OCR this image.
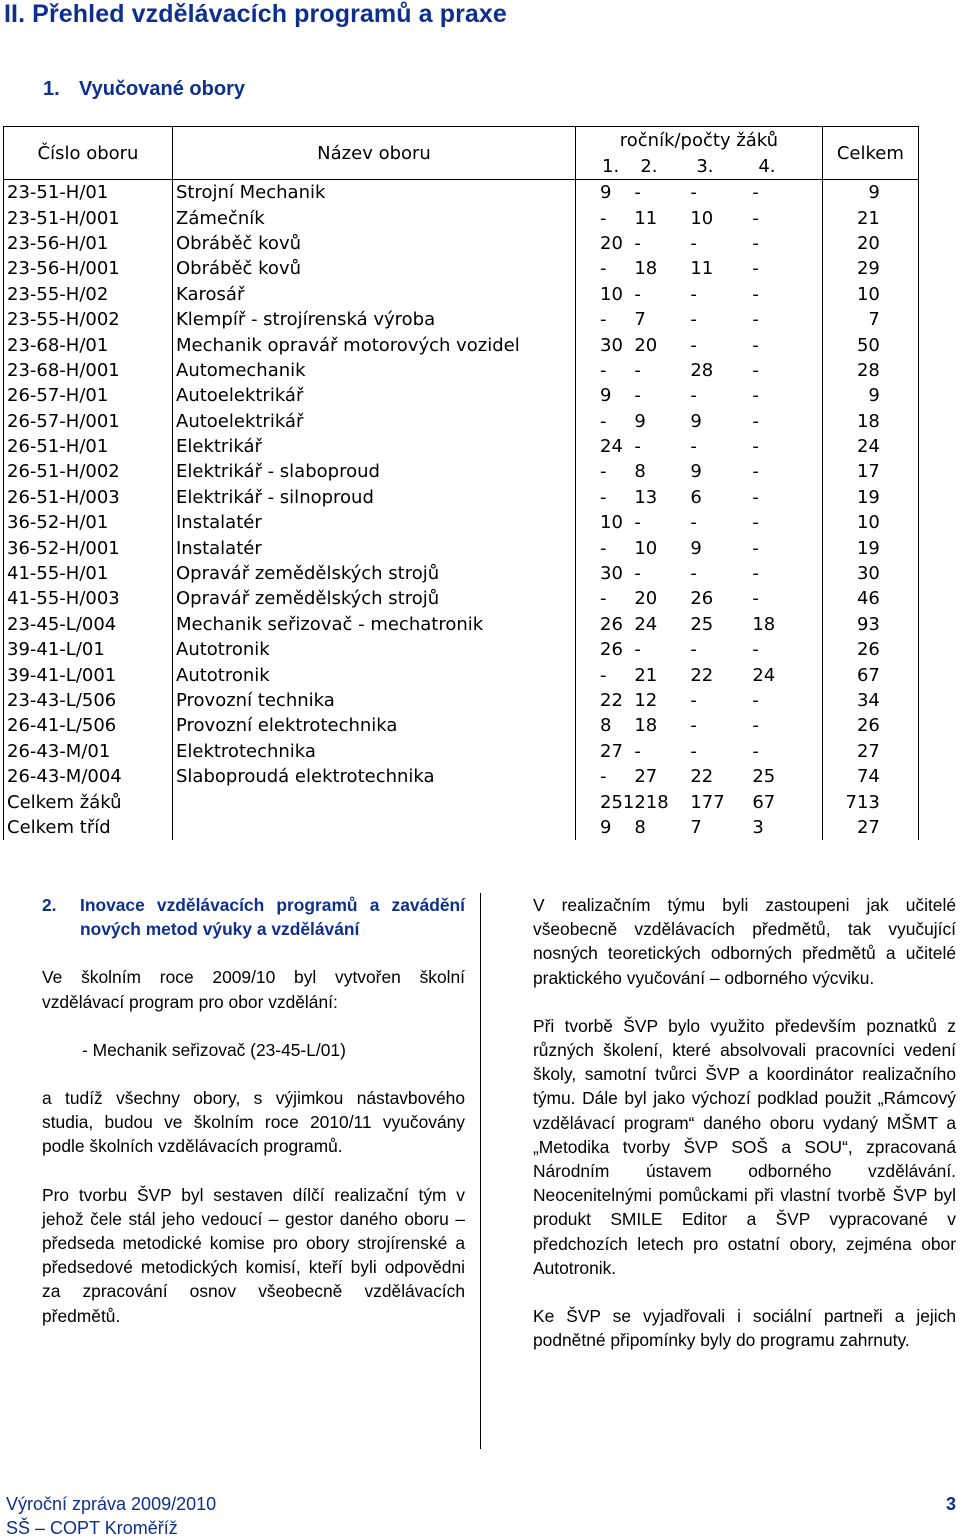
II. Přehled vzdělávacích programů a praxe
1. Vyučované obory
Číslo oboru	Název oboru	ročník/počty žáků				Celkem
		1.	2.	3.	4.	
23-51-H/01	Strojní Mechanik	9	-	-	-	9
23-51-H/001	Zámečník	-	11	10	-	21
23-56-H/01	Obráběč kovů	20	-	-	-	20
23-56-H/001	Obráběč kovů	-	18	11	-	29
23-55-H/02	Karosář	10	-	-	-	10
23-55-H/002	Klempíř - strojírenská výroba	-	7	-	-	7
23-68-H/01	Mechanik opravář motorových vozidel	30	20	-	-	50
23-68-H/001	Automechanik	-	-	28	-	28
26-57-H/01	Autoelektrikář	9	-	-	-	9
26-57-H/001	Autoelektrikář	-	9	9	-	18
26-51-H/01	Elektrikář	24	-	-	-	24
26-51-H/002	Elektrikář - slaboproud	-	8	9	-	17
26-51-H/003	Elektrikář - silnoproud	-	13	6	-	19
36-52-H/01	Instalatér	10	-	-	-	10
36-52-H/001	Instalatér	-	10	9	-	19
41-55-H/01	Opravář zemědělských strojů	30	-	-	-	30
41-55-H/003	Opravář zemědělských strojů	-	20	26	-	46
23-45-L/004	Mechanik seřizovač - mechatronik	26	24	25	18	93
39-41-L/01	Autotronik	26	-	-	-	26
39-41-L/001	Autotronik	-	21	22	24	67
23-43-L/506	Provozní technika	22	12	-	-	34
26-41-L/506	Provozní elektrotechnika	8	18	-	-	26
26-43-M/01	Elektrotechnika	27	-	-	-	27
26-43-M/004	Slaboproudá elektrotechnika	-	27	22	25	74
Celkem žáků		251	218	177	67	713
Celkem tříd		9	8	7	3	27
2.	Inovace vzdělávacích programů a zavádění nových metod výuky a vzdělávání

Ve školním roce 2009/10 byl vytvořen školní vzdělávací program pro obor vzdělání:

- Mechanik seřizovač (23-45-L/01)

a tudíž všechny obory, s výjimkou nástavbového studia, budou ve školním roce 2010/11 vyučovány podle školních vzdělávacích programů.

Pro tvorbu ŠVP byl sestaven dílčí realizační tým v jehož čele stál jeho vedoucí – gestor daného oboru – předseda metodické komise pro obory strojírenské a předsedové metodických komisí, kteří byli odpovědni za zpracování osnov všeobecně vzdělávacích předmětů.

V realizačním týmu byli zastoupeni jak učitelé všeobecně vzdělávacích předmětů, tak vyučující nosných teoretických odborných předmětů a učitelé praktického vyučování – odborného výcviku.

Při tvorbě ŠVP bylo využito především poznatků z různých školení, které absolvovali pracovníci vedení školy, samotní tvůrci ŠVP a koordinátor realizačního týmu. Dále byl jako výchozí podklad použit „Rámcový vzdělávací program“ daného oboru vydaný MŠMT a „Metodika tvorby ŠVP SOŠ a SOU“, zpracovaná Národním ústavem odborného vzdělávání. Neocenitelnými pomůckami při vlastní tvorbě ŠVP byl produkt SMILE Editor a ŠVP vypracované v předchozích letech pro ostatní obory, zejména obor Autotronik.

Ke ŠVP se vyjadřovali i sociální partneři a jejich podnětné připomínky byly do programu zahrnuty.

Výroční zpráva 2009/2010	3
SŠ – COPT Kroměříž
